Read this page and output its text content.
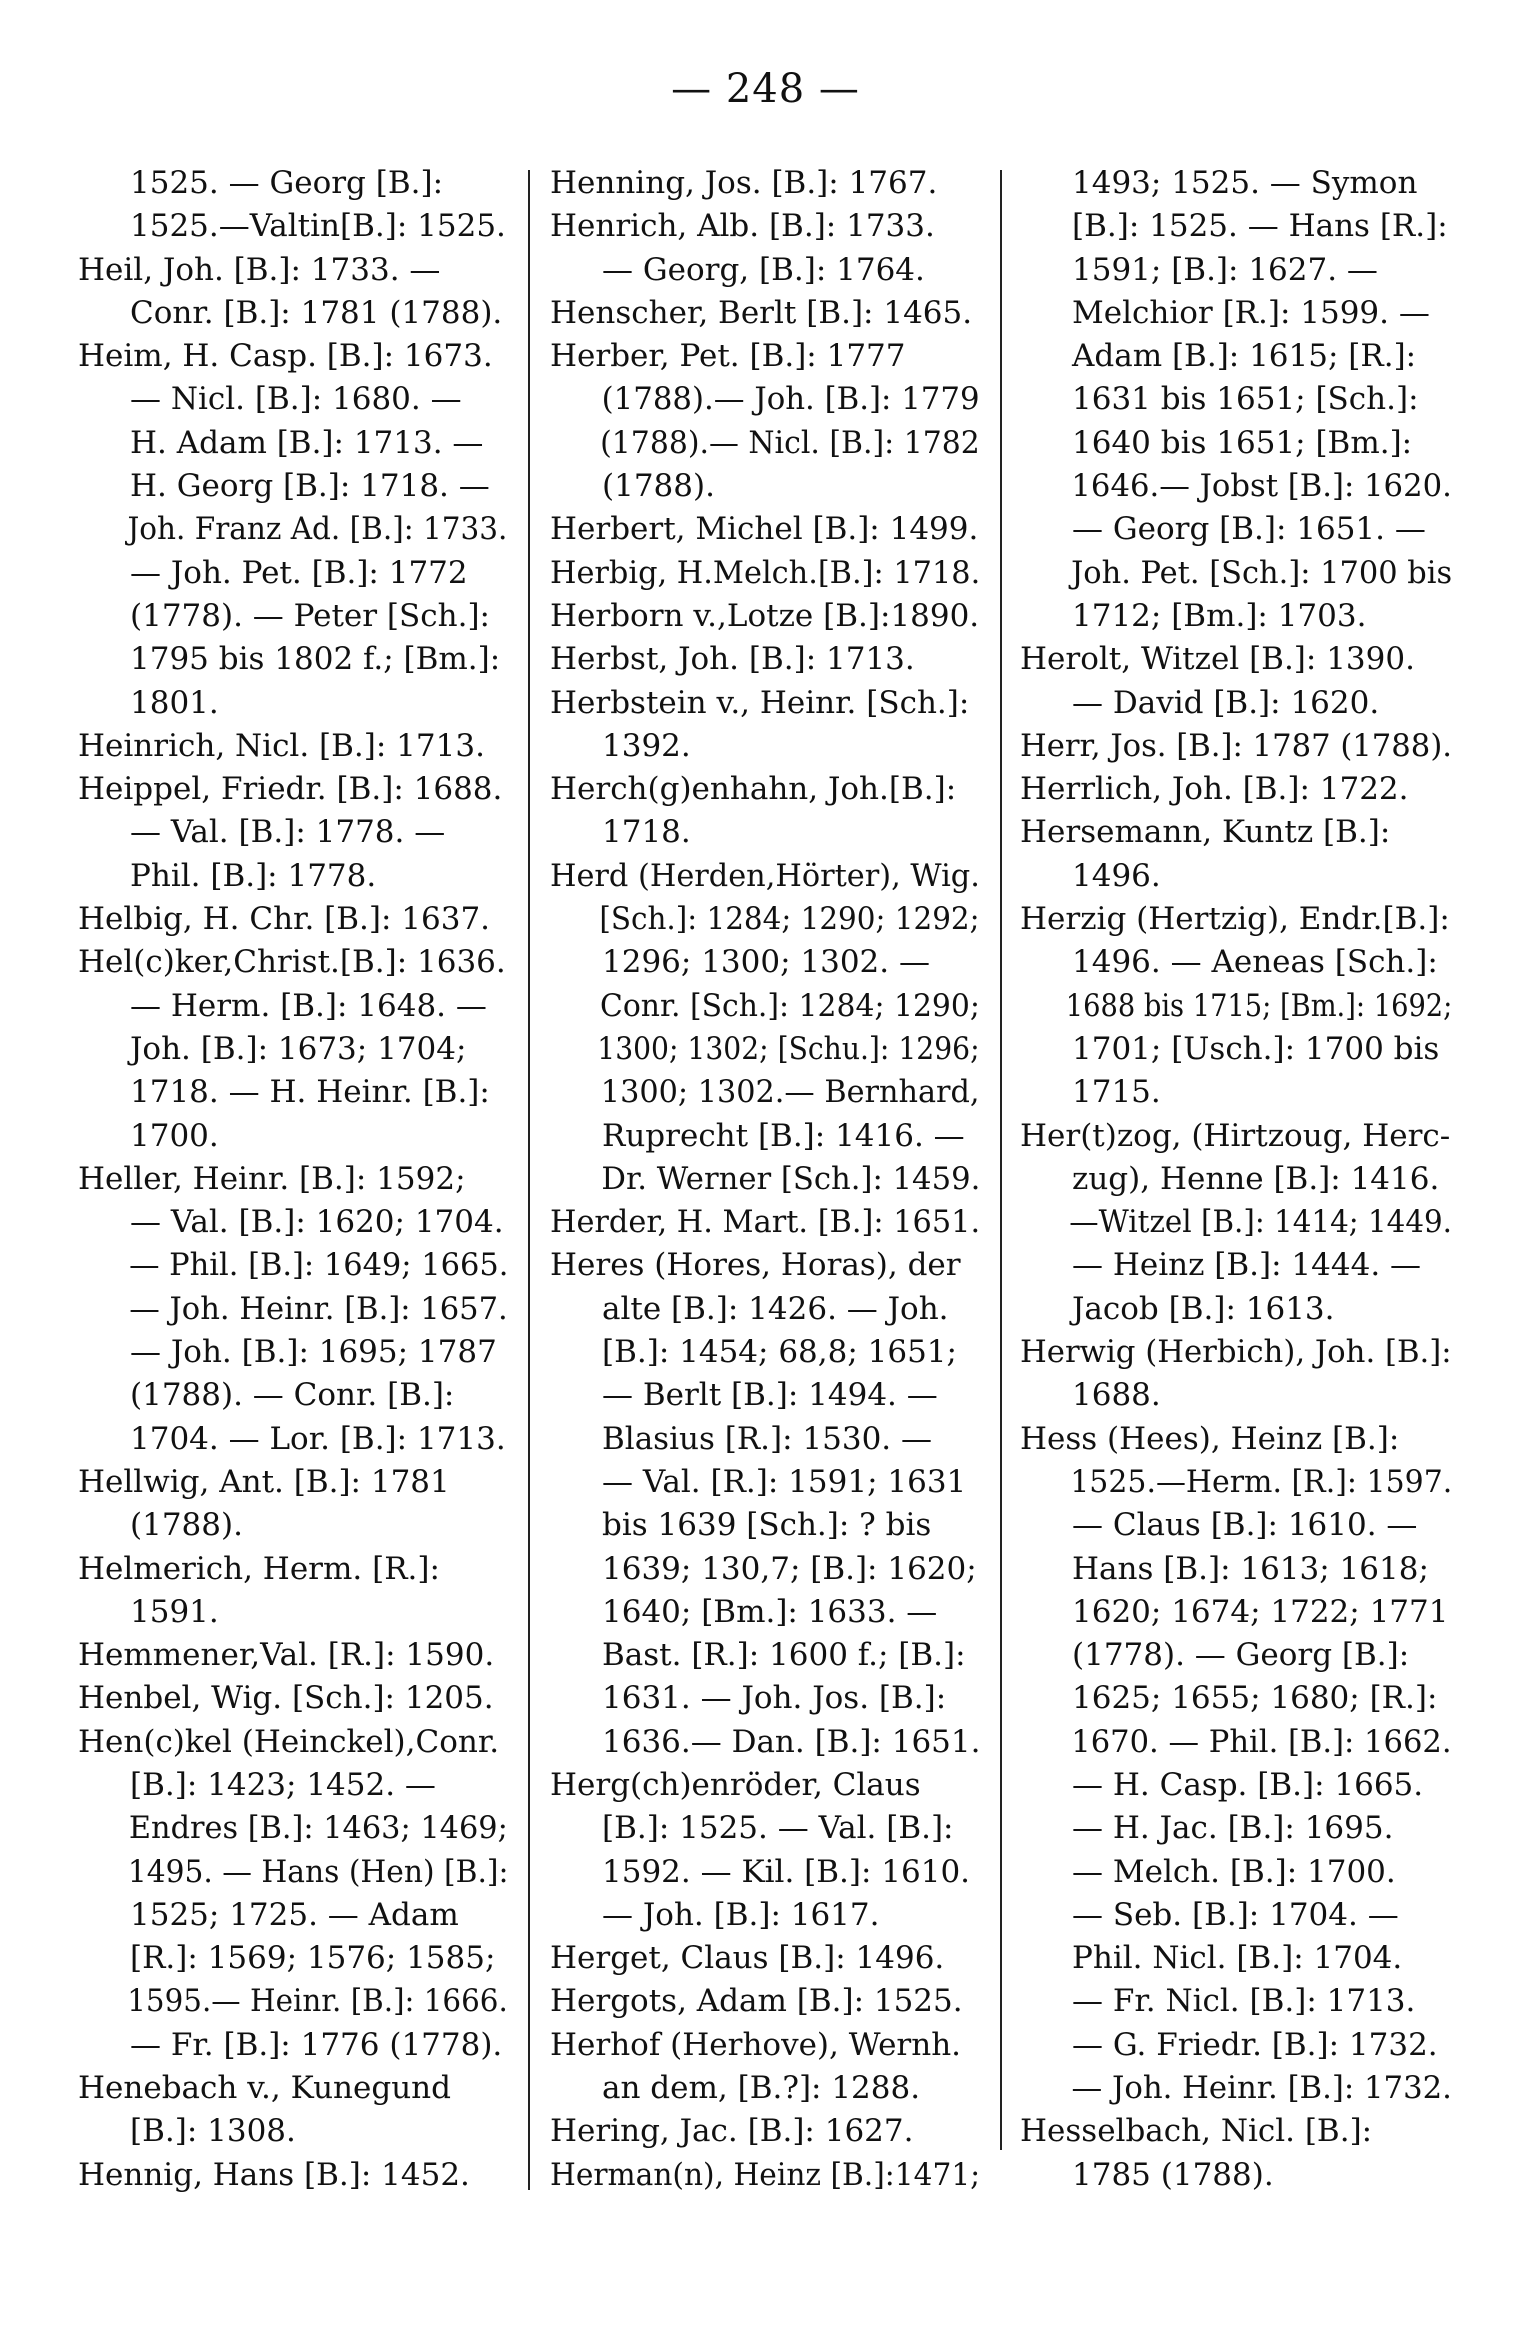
— 248 —
1525. — Georg [B.]:
1525.—Valtin[B.]: 1525.
Heil, Joh. [B.]: 1733. —
Conr. [B.]: 1781 (1788).
Heim, H. Casp. [B.]: 1673.
— Nicl. [B.]: 1680. —
H. Adam [B.]: 1713. —
H. Georg [B.]: 1718. —
Joh. Franz Ad. [B.]: 1733.
— Joh. Pet. [B.]: 1772
(1778). — Peter [Sch.]:
1795 bis 1802 f.; [Bm.]:
1801.
Heinrich, Nicl. [B.]: 1713.
Heippel, Friedr. [B.]: 1688.
— Val. [B.]: 1778. —
Phil. [B.]: 1778.
Helbig, H. Chr. [B.]: 1637.
Hel(c)ker,Christ.[B.]: 1636.
— Herm. [B.]: 1648. —
Joh. [B.]: 1673; 1704;
1718. — H. Heinr. [B.]:
1700.
Heller, Heinr. [B.]: 1592;
— Val. [B.]: 1620; 1704.
— Phil. [B.]: 1649; 1665.
— Joh. Heinr. [B.]: 1657.
— Joh. [B.]: 1695; 1787
(1788). — Conr. [B.]:
1704. — Lor. [B.]: 1713.
Hellwig, Ant. [B.]: 1781
(1788).
Helmerich, Herm. [R.]:
1591.
Hemmener,Val. [R.]: 1590.
Henbel, Wig. [Sch.]: 1205.
Hen(c)kel (Heinckel),Conr.
[B.]: 1423; 1452. —
Endres [B.]: 1463; 1469;
1495. — Hans (Hen) [B.]:
1525; 1725. — Adam
[R.]: 1569; 1576; 1585;
1595.— Heinr. [B.]: 1666.
— Fr. [B.]: 1776 (1778).
Henebach v., Kunegund
[B.]: 1308.
Hennig, Hans [B.]: 1452.
Henning, Jos. [B.]: 1767.
Henrich, Alb. [B.]: 1733.
— Georg, [B.]: 1764.
Henscher, Berlt [B.]: 1465.
Herber, Pet. [B.]: 1777
(1788).— Joh. [B.]: 1779
(1788).— Nicl. [B.]: 1782
(1788).
Herbert, Michel [B.]: 1499.
Herbig, H.Melch.[B.]: 1718.
Herborn v.,Lotze [B.]:1890.
Herbst, Joh. [B.]: 1713.
Herbstein v., Heinr. [Sch.]:
1392.
Herch(g)enhahn, Joh.[B.]:
1718.
Herd (Herden,Hörter), Wig.
[Sch.]: 1284; 1290; 1292;
1296; 1300; 1302. —
Conr. [Sch.]: 1284; 1290;
1300; 1302; [Schu.]: 1296;
1300; 1302.— Bernhard,
Ruprecht [B.]: 1416. —
Dr. Werner [Sch.]: 1459.
Herder, H. Mart. [B.]: 1651.
Heres (Hores, Horas), der
alte [B.]: 1426. — Joh.
[B.]: 1454; 68,8; 1651;
— Berlt [B.]: 1494. —
Blasius [R.]: 1530. —
— Val. [R.]: 1591; 1631
bis 1639 [Sch.]: ? bis
1639; 130,7; [B.]: 1620;
1640; [Bm.]: 1633. —
Bast. [R.]: 1600 f.; [B.]:
1631. — Joh. Jos. [B.]:
1636.— Dan. [B.]: 1651.
Herg(ch)enröder, Claus
[B.]: 1525. — Val. [B.]:
1592. — Kil. [B.]: 1610.
— Joh. [B.]: 1617.
Herget, Claus [B.]: 1496.
Hergots, Adam [B.]: 1525.
Herhof (Herhove), Wernh.
an dem, [B.?]: 1288.
Hering, Jac. [B.]: 1627.
Herman(n), Heinz [B.]:1471;
1493; 1525. — Symon
[B.]: 1525. — Hans [R.]:
1591; [B.]: 1627. —
Melchior [R.]: 1599. —
Adam [B.]: 1615; [R.]:
1631 bis 1651; [Sch.]:
1640 bis 1651; [Bm.]:
1646.— Jobst [B.]: 1620.
— Georg [B.]: 1651. —
Joh. Pet. [Sch.]: 1700 bis
1712; [Bm.]: 1703.
Herolt, Witzel [B.]: 1390.
— David [B.]: 1620.
Herr, Jos. [B.]: 1787 (1788).
Herrlich, Joh. [B.]: 1722.
Hersemann, Kuntz [B.]:
1496.
Herzig (Hertzig), Endr.[B.]:
1496. — Aeneas [Sch.]:
1688 bis 1715; [Bm.]: 1692;
1701; [Usch.]: 1700 bis
1715.
Her(t)zog, (Hirtzoug, Herc-
zug), Henne [B.]: 1416.
—Witzel [B.]: 1414; 1449.
— Heinz [B.]: 1444. —
Jacob [B.]: 1613.
Herwig (Herbich), Joh. [B.]:
1688.
Hess (Hees), Heinz [B.]:
1525.—Herm. [R.]: 1597.
— Claus [B.]: 1610. —
Hans [B.]: 1613; 1618;
1620; 1674; 1722; 1771
(1778). — Georg [B.]:
1625; 1655; 1680; [R.]:
1670. — Phil. [B.]: 1662.
— H. Casp. [B.]: 1665.
— H. Jac. [B.]: 1695.
— Melch. [B.]: 1700.
— Seb. [B.]: 1704. —
Phil. Nicl. [B.]: 1704.
— Fr. Nicl. [B.]: 1713.
— G. Friedr. [B.]: 1732.
— Joh. Heinr. [B.]: 1732.
Hesselbach, Nicl. [B.]:
1785 (1788).
